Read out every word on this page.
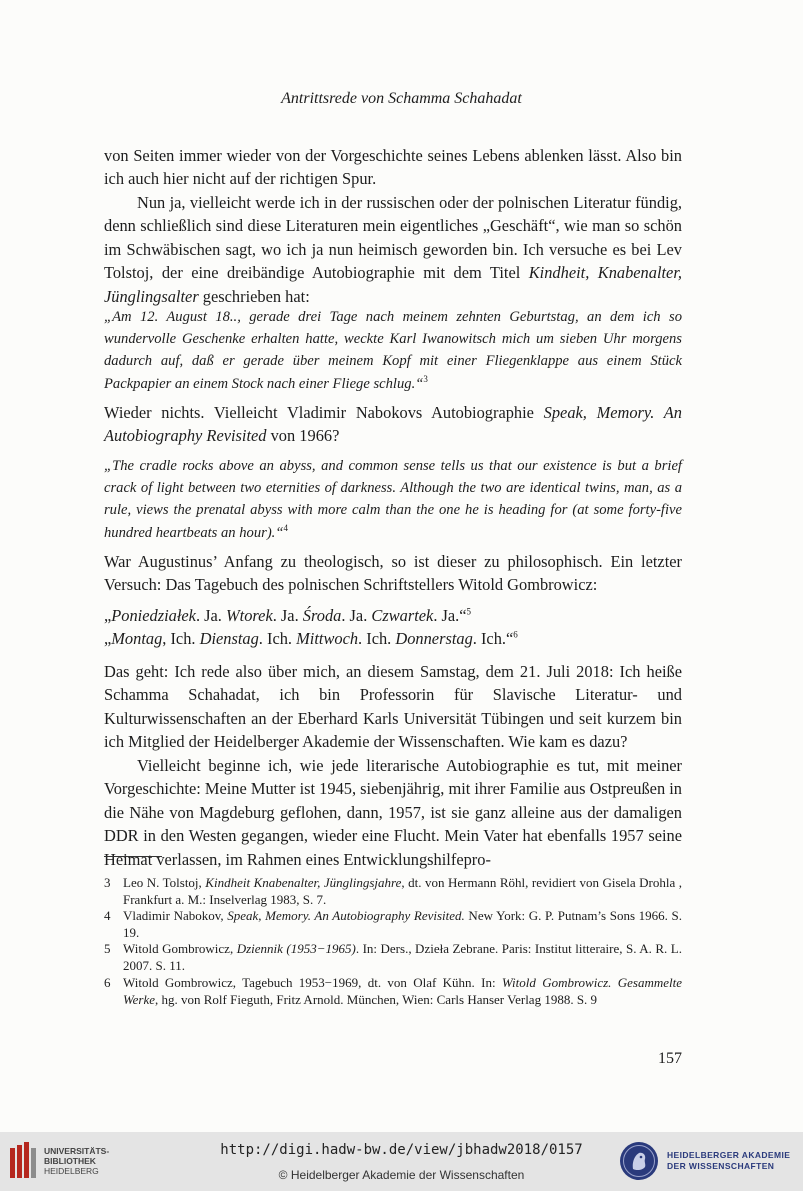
Antrittsrede von Schamma Schahadat

von Seiten immer wieder von der Vorgeschichte seines Lebens ablenken lässt. Also bin ich auch hier nicht auf der richtigen Spur.

Nun ja, vielleicht werde ich in der russischen oder der polnischen Literatur fündig, denn schließlich sind diese Literaturen mein eigentliches „Geschäft“, wie man so schön im Schwäbischen sagt, wo ich ja nun heimisch geworden bin. Ich versuche es bei Lev Tolstoj, der eine dreibändige Autobiographie mit dem Titel Kindheit, Knabenalter, Jünglingsalter geschrieben hat:

„Am 12. August 18.., gerade drei Tage nach meinem zehnten Geburtstag, an dem ich so wundervolle Geschenke erhalten hatte, weckte Karl Iwanowitsch mich um sieben Uhr morgens dadurch auf, daß er gerade über meinem Kopf mit einer Fliegenklappe aus einem Stück Packpapier an einem Stock nach einer Fliege schlug.“$^3$

Wieder nichts. Vielleicht Vladimir Nabokovs Autobiographie Speak, Memory. An Autobiography Revisited von 1966?

„The cradle rocks above an abyss, and common sense tells us that our existence is but a brief crack of light between two eternities of darkness. Although the two are identical twins, man, as a rule, views the prenatal abyss with more calm than the one he is heading for (at some forty-five hundred heartbeats an hour).“$^4$

War Augustinus’ Anfang zu theologisch, so ist dieser zu philosophisch. Ein letzter Versuch: Das Tagebuch des polnischen Schriftstellers Witold Gombrowicz:

„Poniedziałek. Ja. Wtorek. Ja. Środa. Ja. Czwartek. Ja.“$^5$

„Montag, Ich. Dienstag. Ich. Mittwoch. Ich. Donnerstag. Ich.“$^6$

Das geht: Ich rede also über mich, an diesem Samstag, dem 21. Juli 2018: Ich heiße Schamma Schahadat, ich bin Professorin für Slavische Literatur- und Kulturwissenschaften an der Eberhard Karls Universität Tübingen und seit kurzem bin ich Mitglied der Heidelberger Akademie der Wissenschaften. Wie kam es dazu?

Vielleicht beginne ich, wie jede literarische Autobiographie es tut, mit meiner Vorgeschichte: Meine Mutter ist 1945, siebenjährig, mit ihrer Familie aus Ostpreußen in die Nähe von Magdeburg geflohen, dann, 1957, ist sie ganz alleine aus der damaligen DDR in den Westen gegangen, wieder eine Flucht. Mein Vater hat ebenfalls 1957 seine Heimat verlassen, im Rahmen eines Entwicklungshilfepro-

3 Leo N. Tolstoj, Kindheit Knabenalter, Jünglingsjahre, dt. von Hermann Röhl, revidiert von Gisela Drohla , Frankfurt a. M.: Inselverlag 1983, S. 7.
4 Vladimir Nabokov, Speak, Memory. An Autobiography Revisited. New York: G. P. Putnam’s Sons 1966. S. 19.
5 Witold Gombrowicz, Dziennik (1953−1965). In: Ders., Dzieła Zebrane. Paris: Institut litteraire, S. A. R. L. 2007. S. 11.
6 Witold Gombrowicz, Tagebuch 1953−1969, dt. von Olaf Kühn. In: Witold Gombrowicz. Gesammelte Werke, hg. von Rolf Fieguth, Fritz Arnold. München, Wien: Carls Hanser Verlag 1988. S. 9
157
UNIVERSITÄTS-
BIBLIOTHEK
HEIDELBERG
http://digi.hadw-bw.de/view/jbhadw2018/0157
© Heidelberger Akademie der Wissenschaften
HEIDELBERGER AKADEMIE
DER WISSENSCHAFTEN
